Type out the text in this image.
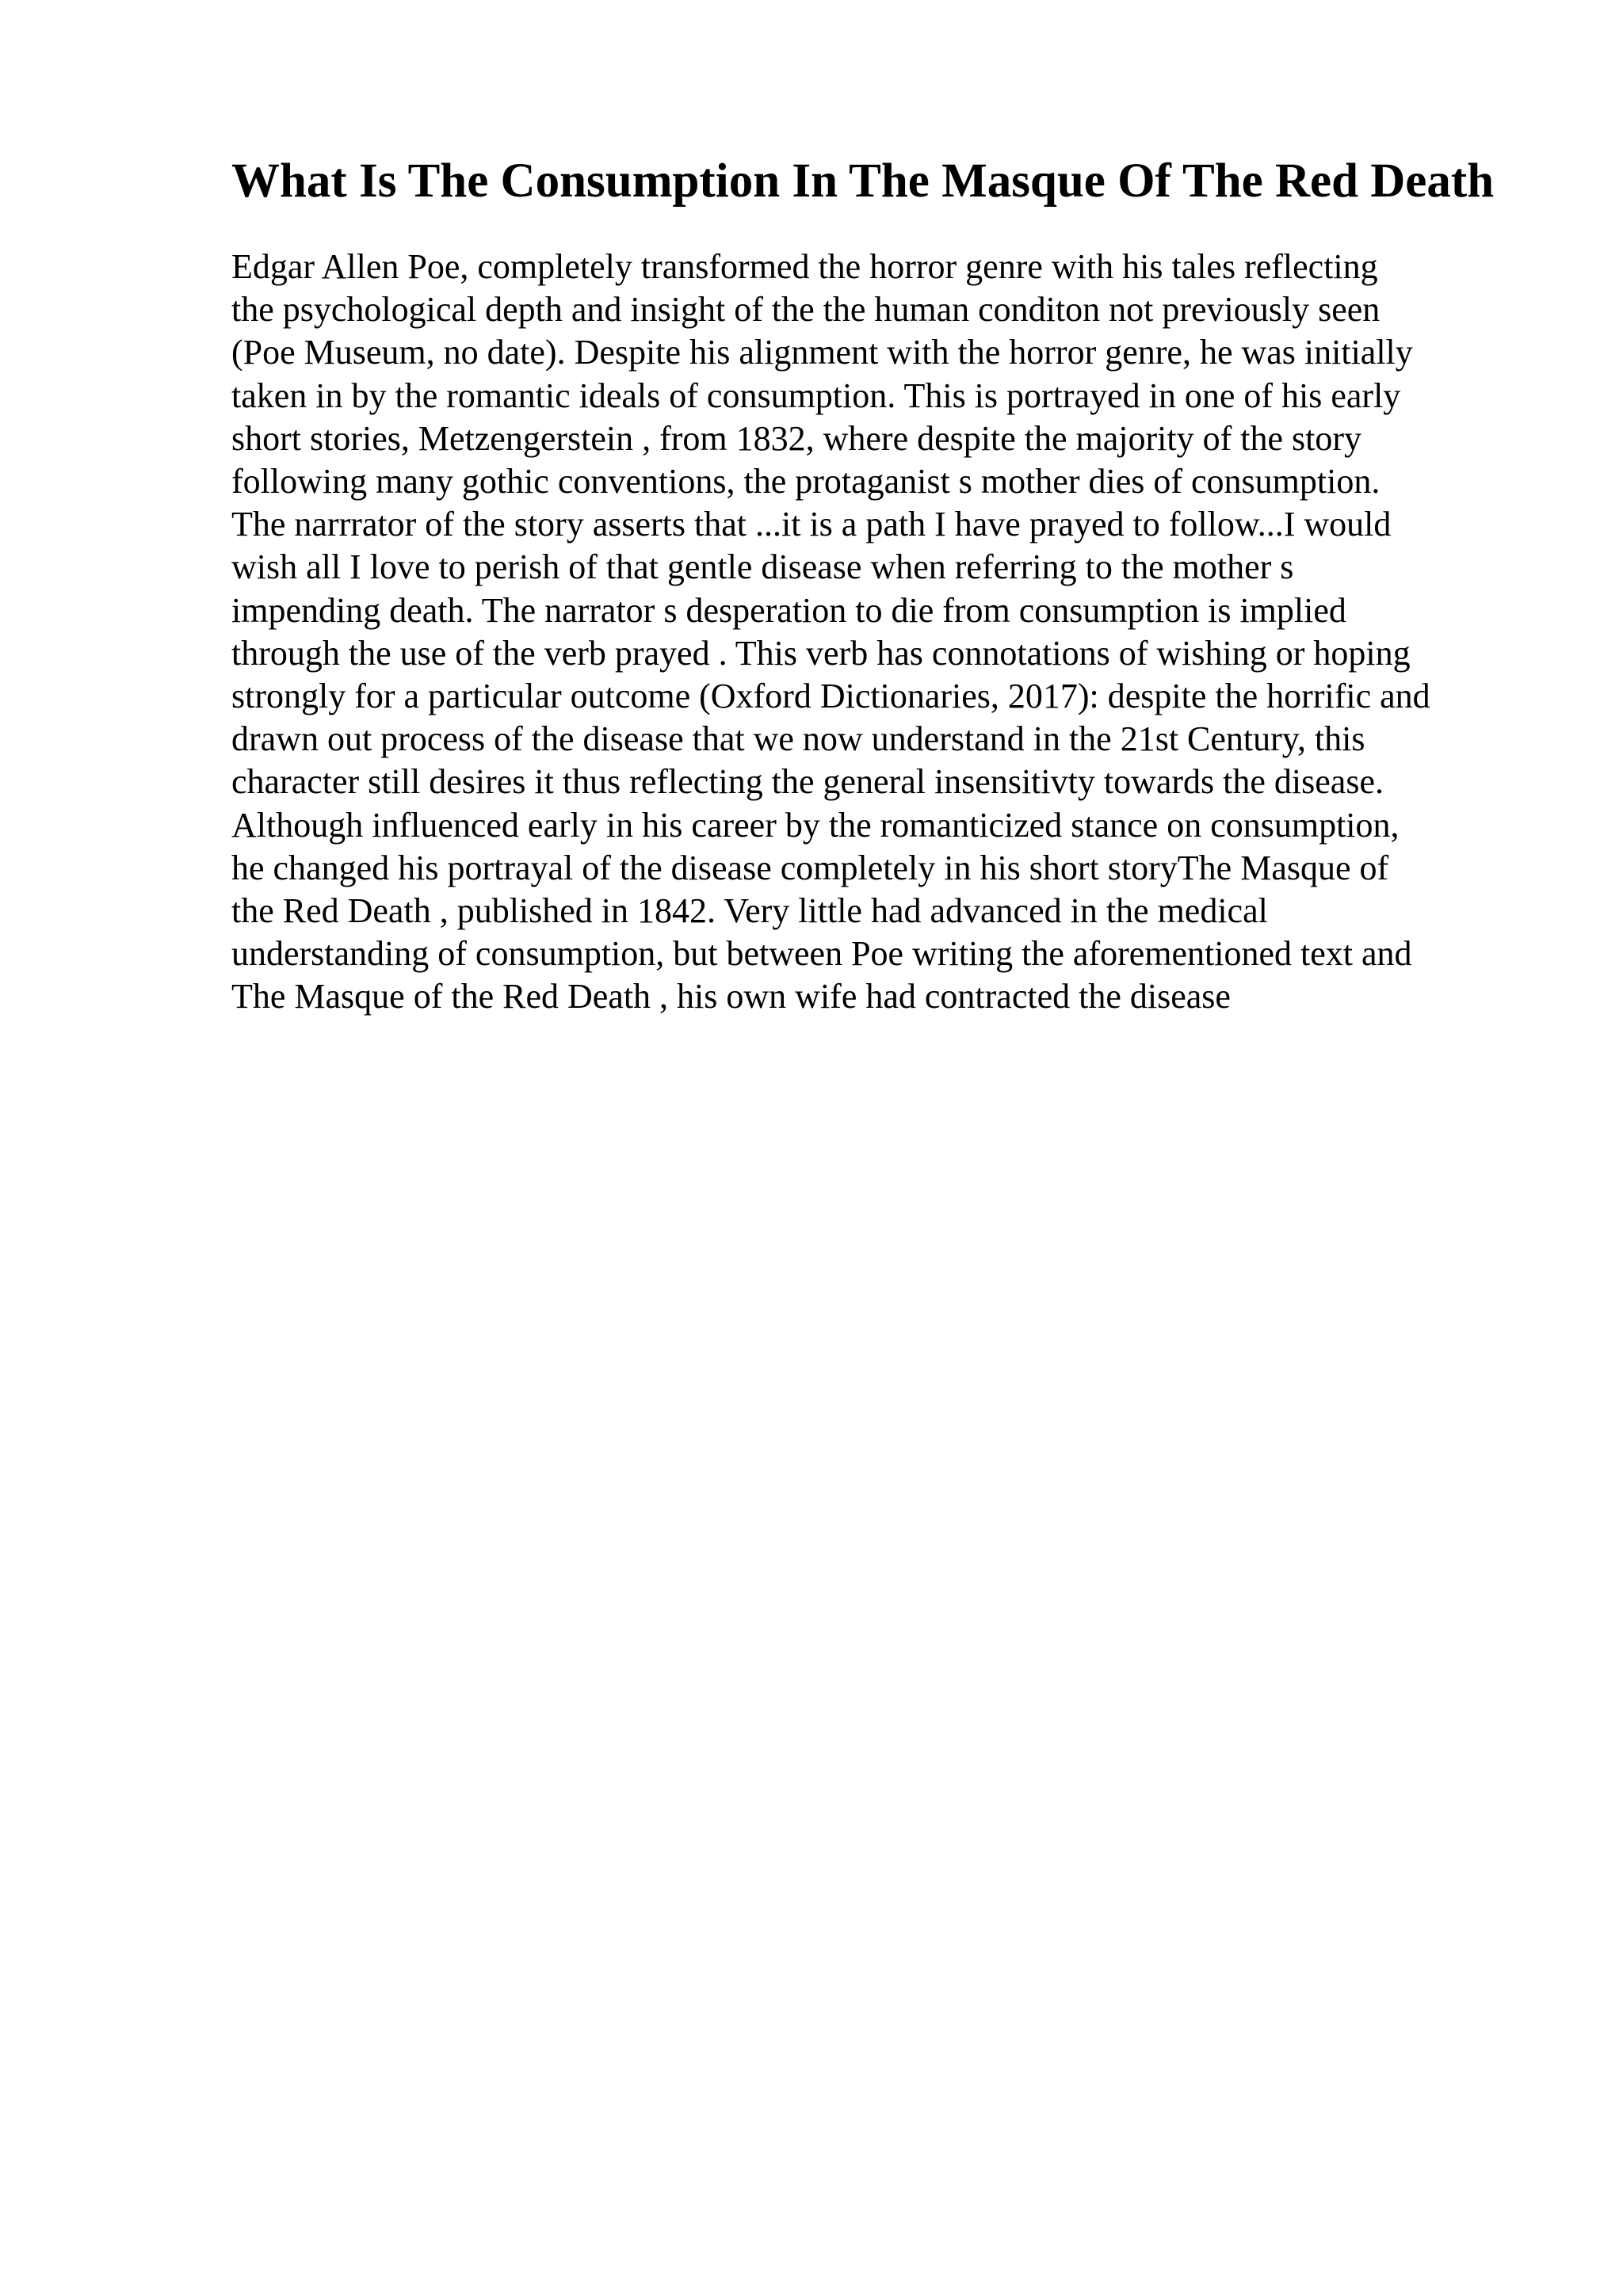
What Is The Consumption In The Masque Of The Red Death
Edgar Allen Poe, completely transformed the horror genre with his tales reflecting
the psychological depth and insight of the the human conditon not previously seen
(Poe Museum, no date). Despite his alignment with the horror genre, he was initially
taken in by the romantic ideals of consumption. This is portrayed in one of his early
short stories, Metzengerstein , from 1832, where despite the majority of the story
following many gothic conventions, the protaganist s mother dies of consumption.
The narrrator of the story asserts that ...it is a path I have prayed to follow...I would
wish all I love to perish of that gentle disease when referring to the mother s
impending death. The narrator s desperation to die from consumption is implied
through the use of the verb prayed . This verb has connotations of wishing or hoping
strongly for a particular outcome (Oxford Dictionaries, 2017): despite the horrific and
drawn out process of the disease that we now understand in the 21st Century, this
character still desires it thus reflecting the general insensitivty towards the disease.
Although influenced early in his career by the romanticized stance on consumption,
he changed his portrayal of the disease completely in his short storyThe Masque of
the Red Death , published in 1842. Very little had advanced in the medical
understanding of consumption, but between Poe writing the aforementioned text and
The Masque of the Red Death , his own wife had contracted the disease
